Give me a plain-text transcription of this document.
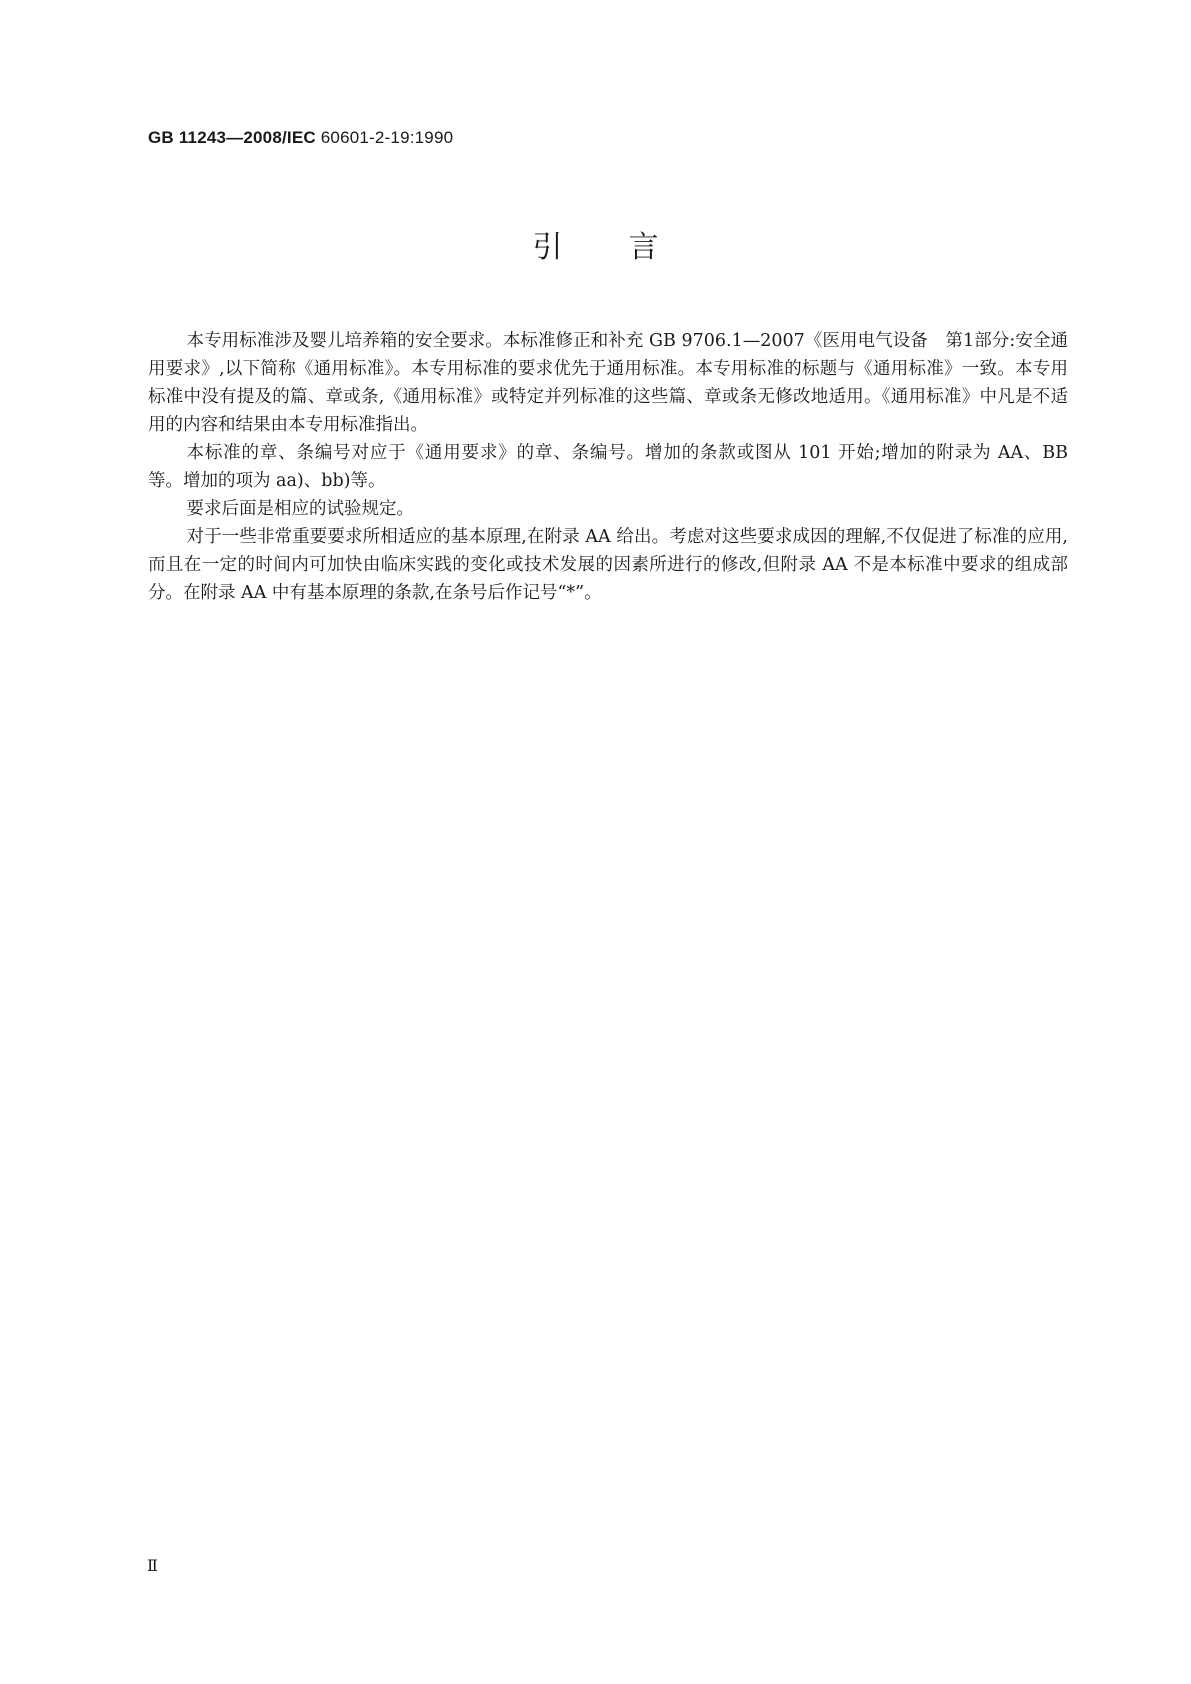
GB 11243—2008/IEC 60601-2-19:1990
引言

本专用标准涉及婴儿培养箱的安全要求。本标准修正和补充 GB 9706.1—2007《医用电气设备　第1部分:安全通用要求》,以下简称《通用标准》。本专用标准的要求优先于通用标准。本专用标准的标题与《通用标准》一致。本专用标准中没有提及的篇、章或条,《通用标准》或特定并列标准的这些篇、章或条无修改地适用。《通用标准》中凡是不适用的内容和结果由本专用标准指出。

本标准的章、条编号对应于《通用要求》的章、条编号。增加的条款或图从 101 开始;增加的附录为 AA、BB 等。增加的项为 aa)、bb)等。

要求后面是相应的试验规定。

对于一些非常重要要求所相适应的基本原理,在附录 AA 给出。考虑对这些要求成因的理解,不仅促进了标准的应用,而且在一定的时间内可加快由临床实践的变化或技术发展的因素所进行的修改,但附录 AA 不是本标准中要求的组成部分。在附录 AA 中有基本原理的条款,在条号后作记号“*”。

Ⅱ
